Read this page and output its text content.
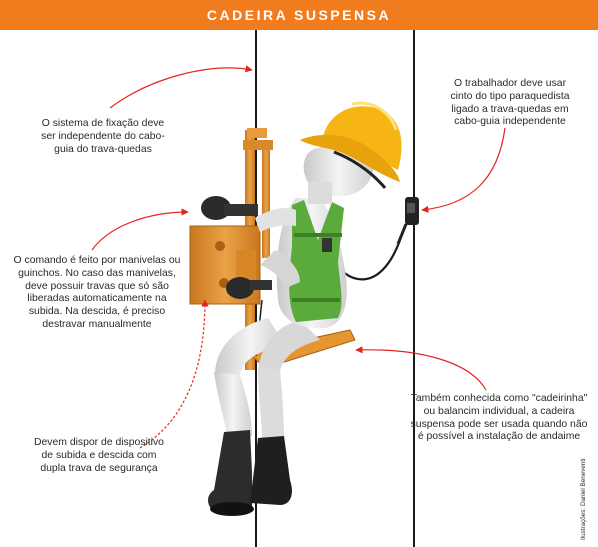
CADEIRA SUSPENSA

O sistema de fixação deve ser independente do cabo-guia do trava-quedas

O trabalhador deve usar cinto do tipo paraquedista ligado a trava-quedas em cabo-guia independente

O comando é feito por manivelas ou guinchos. No caso das manivelas, deve possuir travas que só são liberadas automaticamente na subida. Na descida, é preciso destravar manualmente

Também conhecida como "cadeirinha" ou balancim individual, a cadeira suspensa pode ser usada quando não é possível a instalação de andaime

Devem dispor de dispositivo de subida e descida com dupla trava de segurança	Ilustrações: Daniel Beneventi
